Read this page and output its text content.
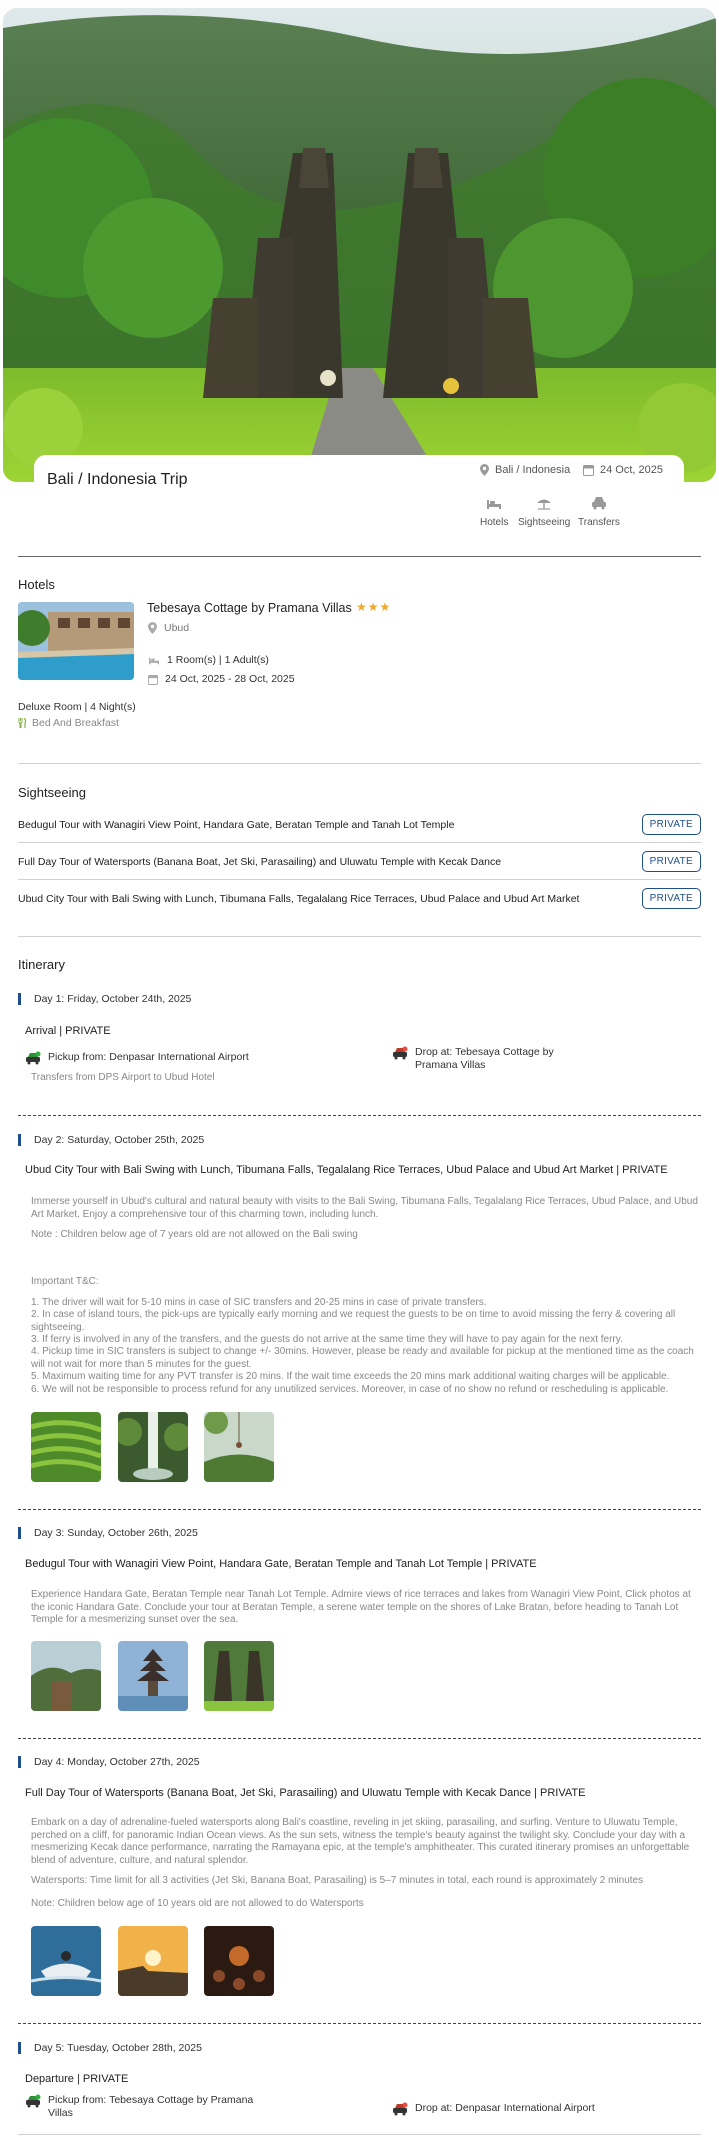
Bali / Indonesia Trip
Bali / Indonesia	24 Oct, 2025
Hotels Sightseeing Transfers
Hotels
Tebesaya Cottage by Pramana Villas ★★★
Ubud
1 Room(s) | 1 Adult(s)
24 Oct, 2025 - 28 Oct, 2025
Deluxe Room | 4 Night(s)
Bed And Breakfast
Sightseeing
Bedugul Tour with Wanagiri View Point, Handara Gate, Beratan Temple and Tanah Lot Temple	PRIVATE
Full Day Tour of Watersports (Banana Boat, Jet Ski, Parasailing) and Uluwatu Temple with Kecak Dance	PRIVATE
Ubud City Tour with Bali Swing with Lunch, Tibumana Falls, Tegalalang Rice Terraces, Ubud Palace and Ubud Art Market	PRIVATE
Itinerary
Day 1: Friday, October 24th, 2025
Arrival | PRIVATE
Pickup from: Denpasar International Airport	Drop at: Tebesaya Cottage by Pramana Villas
Transfers from DPS Airport to Ubud Hotel
Day 2: Saturday, October 25th, 2025
Ubud City Tour with Bali Swing with Lunch, Tibumana Falls, Tegalalang Rice Terraces, Ubud Palace and Ubud Art Market | PRIVATE
Immerse yourself in Ubud's cultural and natural beauty with visits to the Bali Swing, Tibumana Falls, Tegalalang Rice Terraces, Ubud Palace, and Ubud Art Market. Enjoy a comprehensive tour of this charming town, including lunch.
Note : Children below age of 7 years old are not allowed on the Bali swing
Important T&C:
1. The driver will wait for 5-10 mins in case of SIC transfers and 20-25 mins in case of private transfers.
2. In case of island tours, the pick-ups are typically early morning and we request the guests to be on time to avoid missing the ferry & covering all sightseeing.
3. If ferry is involved in any of the transfers, and the guests do not arrive at the same time they will have to pay again for the next ferry.
4. Pickup time in SIC transfers is subject to change +/- 30mins. However, please be ready and available for pickup at the mentioned time as the coach will not wait for more than 5 minutes for the guest.
5. Maximum waiting time for any PVT transfer is 20 mins. If the wait time exceeds the 20 mins mark additional waiting charges will be applicable.
6. We will not be responsible to process refund for any unutilized services. Moreover, in case of no show no refund or rescheduling is applicable.
Day 3: Sunday, October 26th, 2025
Bedugul Tour with Wanagiri View Point, Handara Gate, Beratan Temple and Tanah Lot Temple | PRIVATE
Experience Handara Gate, Beratan Temple near Tanah Lot Temple. Admire views of rice terraces and lakes from Wanagiri View Point, Click photos at the iconic Handara Gate. Conclude your tour at Beratan Temple, a serene water temple on the shores of Lake Bratan, before heading to Tanah Lot Temple for a mesmerizing sunset over the sea.
Day 4: Monday, October 27th, 2025
Full Day Tour of Watersports (Banana Boat, Jet Ski, Parasailing) and Uluwatu Temple with Kecak Dance | PRIVATE
Embark on a day of adrenaline-fueled watersports along Bali's coastline, reveling in jet skiing, parasailing, and surfing. Venture to Uluwatu Temple, perched on a cliff, for panoramic Indian Ocean views. As the sun sets, witness the temple's beauty against the twilight sky. Conclude your day with a mesmerizing Kecak dance performance, narrating the Ramayana epic, at the temple's amphitheater. This curated itinerary promises an unforgettable blend of adventure, culture, and natural splendor.
Watersports: Time limit for all 3 activities (Jet Ski, Banana Boat, Parasailing) is 5–7 minutes in total, each round is approximately 2 minutes
Note: Children below age of 10 years old are not allowed to do Watersports
Day 5: Tuesday, October 28th, 2025
Departure | PRIVATE
Pickup from: Tebesaya Cottage by Pramana Villas	Drop at: Denpasar International Airport
